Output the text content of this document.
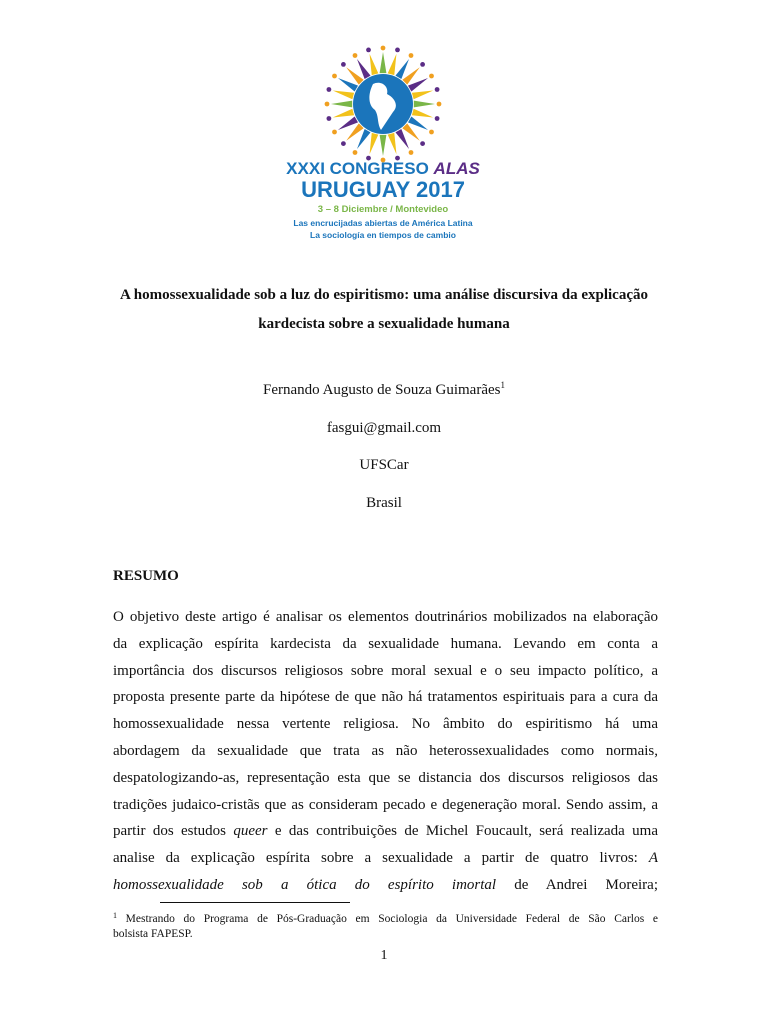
XXXI CONGRESO ALAS
URUGUAY 2017
3 – 8 Diciembre / Montevideo
Las encrucijadas abiertas de América Latina
La sociología en tiempos de cambio
A homossexualidade sob a luz do espiritismo: uma análise discursiva da explicação
kardecista sobre a sexualidade humana
Fernando Augusto de Souza Guimarães$^1$
fasgui@gmail.com
UFSCar
Brasil
RESUMO
O objetivo deste artigo é analisar os elementos doutrinários mobilizados na elaboração
da explicação espírita kardecista da sexualidade humana. Levando em conta a
importância dos discursos religiosos sobre moral sexual e o seu impacto político, a
proposta presente parte da hipótese de que não há tratamentos espirituais para a cura da
homossexualidade nessa vertente religiosa. No âmbito do espiritismo há uma
abordagem da sexualidade que trata as não heterossexualidades como normais,
despatologizando-as, representação esta que se distancia dos discursos religiosos das
tradições judaico-cristãs que as consideram pecado e degeneração moral. Sendo assim, a
partir dos estudos queer e das contribuições de Michel Foucault, será realizada uma
analise da explicação espírita sobre a sexualidade a partir de quatro livros: A
homossexualidade sob a ótica do espírito imortal de Andrei Moreira;
$^1$ Mestrando do Programa de Pós-Graduação em Sociologia da Universidade Federal de São Carlos e
bolsista FAPESP.
1
